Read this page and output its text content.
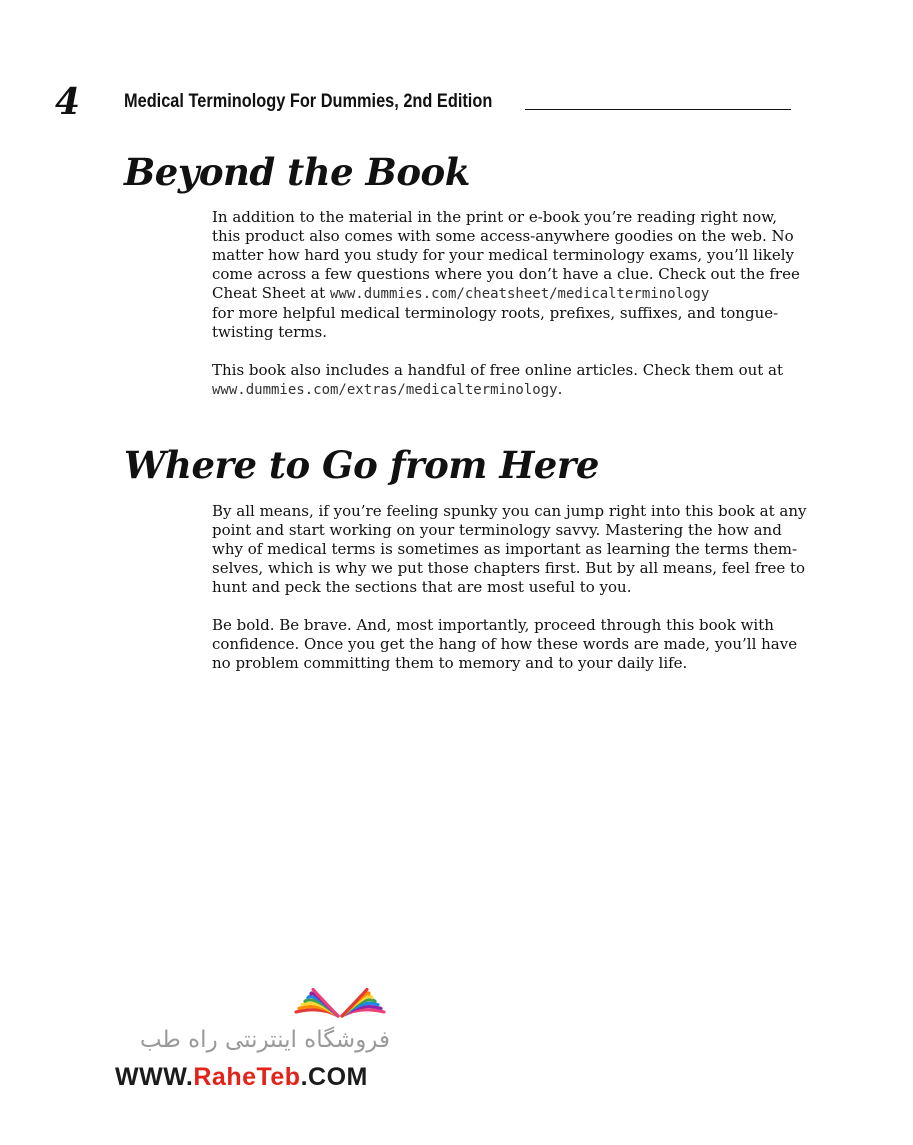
4 Medical Terminology For Dummies, 2nd Edition
Beyond the Book

In addition to the material in the print or e-book you’re reading right now,
this product also comes with some access-anywhere goodies on the web. No
matter how hard you study for your medical terminology exams, you’ll likely
come across a few questions where you don’t have a clue. Check out the free
Cheat Sheet at www.dummies.com/cheatsheet/medicalterminology
for more helpful medical terminology roots, prefixes, suffixes, and tongue-
twisting terms.

This book also includes a handful of free online articles. Check them out at
www.dummies.com/extras/medicalterminology.

Where to Go from Here

By all means, if you’re feeling spunky you can jump right into this book at any
point and start working on your terminology savvy. Mastering the how and
why of medical terms is sometimes as important as learning the terms them-
selves, which is why we put those chapters first. But by all means, feel free to
hunt and peck the sections that are most useful to you.

Be bold. Be brave. And, most importantly, proceed through this book with
confidence. Once you get the hang of how these words are made, you’ll have
no problem committing them to memory and to your daily life.

فروشگاه اینترنتی راه طب
WWW.RaheTeb.COM
